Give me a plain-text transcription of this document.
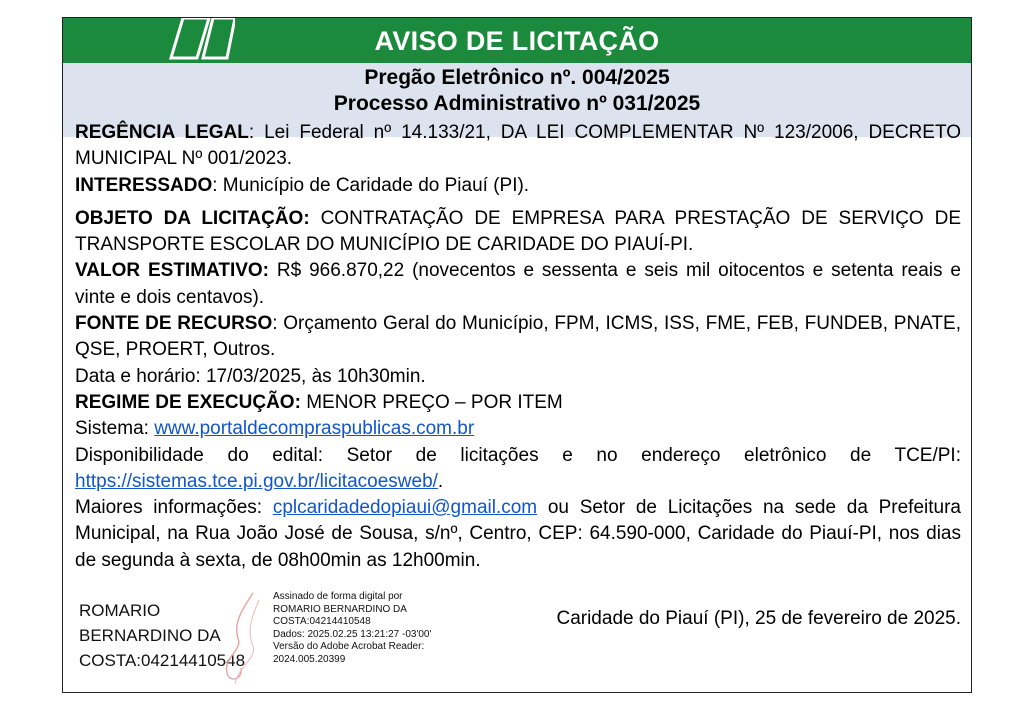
AVISO DE LICITAÇÃO
Pregão Eletrônico nº. 004/2025
Processo Administrativo nº 031/2025

REGÊNCIA LEGAL: Lei Federal nº 14.133/21, DA LEI COMPLEMENTAR Nº 123/2006, DECRETO MUNICIPAL Nº 001/2023.

INTERESSADO: Município de Caridade do Piauí (PI).

OBJETO DA LICITAÇÃO: CONTRATAÇÃO DE EMPRESA PARA PRESTAÇÃO DE SERVIÇO DE TRANSPORTE ESCOLAR DO MUNICÍPIO DE CARIDADE DO PIAUÍ-PI.

VALOR ESTIMATIVO: R$ 966.870,22 (novecentos e sessenta e seis mil oitocentos e setenta reais e vinte e dois centavos).

FONTE DE RECURSO: Orçamento Geral do Município, FPM, ICMS, ISS, FME, FEB, FUNDEB, PNATE, QSE, PROERT, Outros.

Data e horário: 17/03/2025, às 10h30min.

REGIME DE EXECUÇÃO: MENOR PREÇO – POR ITEM

Sistema: www.portaldecompraspublicas.com.br

Disponibilidade do edital: Setor de licitações e no endereço eletrônico de TCE/PI: https://sistemas.tce.pi.gov.br/licitacoesweb/.

Maiores informações: cplcaridadedopiaui@gmail.com ou Setor de Licitações na sede da Prefeitura Municipal, na Rua João José de Sousa, s/nº, Centro, CEP: 64.590-000, Caridade do Piauí-PI, nos dias de segunda à sexta, de 08h00min as 12h00min.

ROMARIO
BERNARDINO DA
COSTA:04214410548
Assinado de forma digital por
ROMARIO BERNARDINO DA
COSTA:04214410548
Dados: 2025.02.25 13:21:27 -03'00'
Versão do Adobe Acrobat Reader:
2024.005.20399
Caridade do Piauí (PI), 25 de fevereiro de 2025.
